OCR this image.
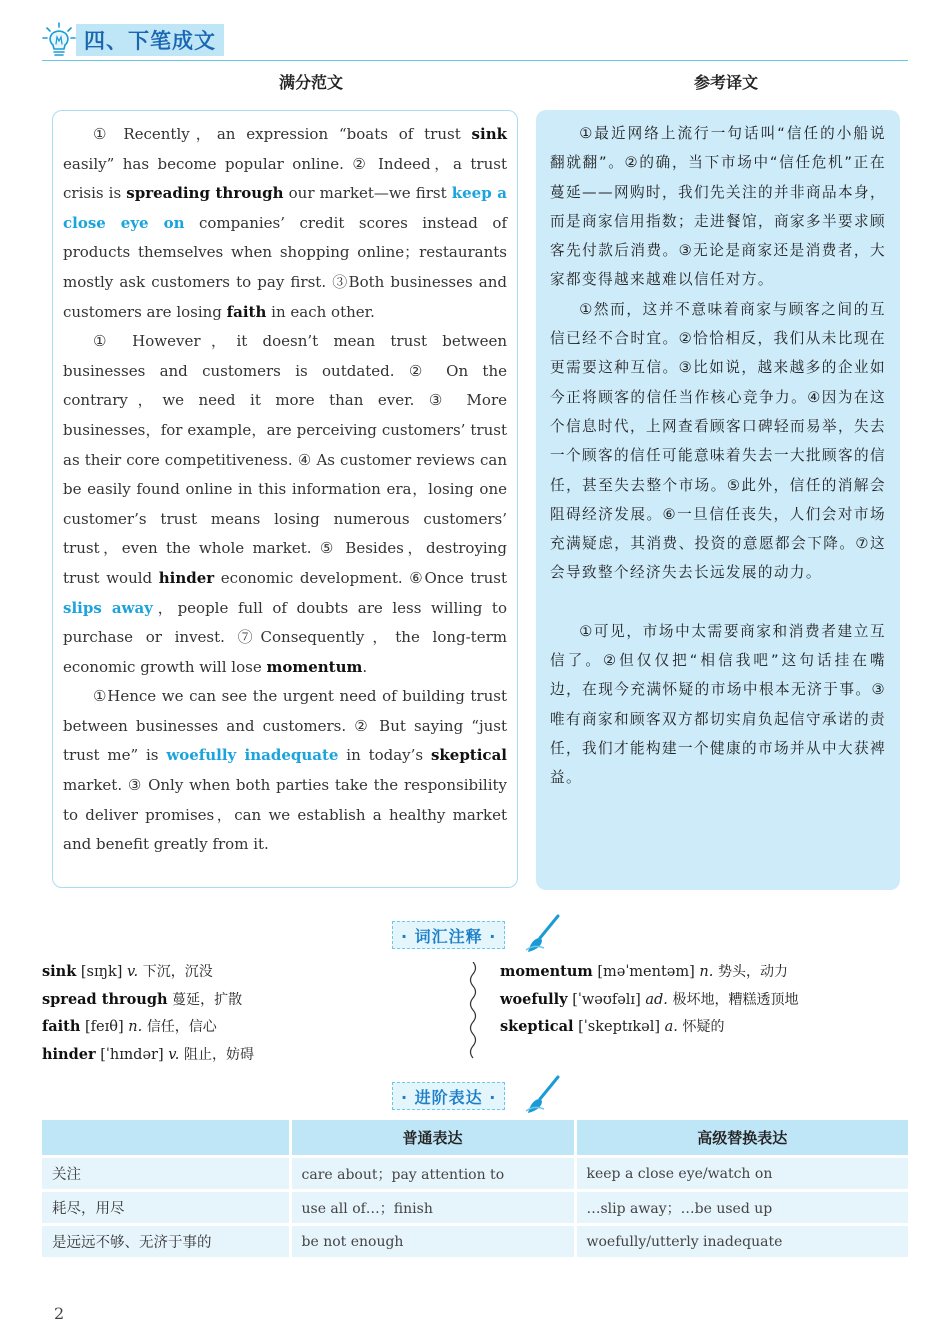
四、下笔成文
满分范文	参考译文

① Recently，an expression “boats of trust sink easily” has become popular online. ② Indeed，a trust crisis is spreading through our market—we first keep a close eye on companies’ credit scores instead of products themselves when shopping online；restaurants mostly ask customers to pay first. ③Both businesses and customers are losing faith in each other.

① However，it doesn’t mean trust between businesses and customers is outdated. ② On the contrary，we need it more than ever. ③ More businesses，for example，are perceiving customers’ trust as their core competitiveness. ④ As customer reviews can be easily found online in this information era，losing one customer’s trust means losing numerous customers’ trust，even the whole market. ⑤ Besides，destroying trust would hinder economic development. ⑥Once trust slips away，people full of doubts are less willing to purchase or invest. ⑦Consequently，the long-term economic growth will lose momentum.

①Hence we can see the urgent need of building trust between businesses and customers. ② But saying “just trust me” is woefully inadequate in today’s skeptical market. ③ Only when both parties take the responsibility to deliver promises，can we establish a healthy market and benefit greatly from it.

①最近网络上流行一句话叫“信任的小船说翻就翻”。②的确，当下市场中“信任危机”正在蔓延——网购时，我们先关注的并非商品本身，而是商家信用指数；走进餐馆，商家多半要求顾客先付款后消费。③无论是商家还是消费者，大家都变得越来越难以信任对方。

①然而，这并不意味着商家与顾客之间的互信已经不合时宜。②恰恰相反，我们从未比现在更需要这种互信。③比如说，越来越多的企业如今正将顾客的信任当作核心竞争力。④因为在这个信息时代，上网查看顾客口碑轻而易举，失去一个顾客的信任可能意味着失去一大批顾客的信任，甚至失去整个市场。⑤此外，信任的消解会阻碍经济发展。⑥一旦信任丧失，人们会对市场充满疑虑，其消费、投资的意愿都会下降。⑦这会导致整个经济失去长远发展的动力。

①可见，市场中太需要商家和消费者建立互信了。②但仅仅把“相信我吧”这句话挂在嘴边，在现今充满怀疑的市场中根本无济于事。③唯有商家和顾客双方都切实肩负起信守承诺的责任，我们才能构建一个健康的市场并从中大获裨益。

· 词汇注释 ·
sink [sɪŋk] v. 下沉，沉没
spread through 蔓延，扩散
faith [feɪθ] n. 信任，信心
hinder [ˈhɪndər] v. 阻止，妨碍
momentum [məˈmentəm] n. 势头，动力
woefully [ˈwəʊfəlɪ] ad. 极坏地，糟糕透顶地
skeptical [ˈskeptɪkəl] a. 怀疑的
· 进阶表达 ·
	普通表达	高级替换表达
关注	care about；pay attention to	keep a close eye/watch on
耗尽，用尽	use all of…；finish	…slip away；…be used up
是远远不够、无济于事的	be not enough	woefully/utterly inadequate
2
